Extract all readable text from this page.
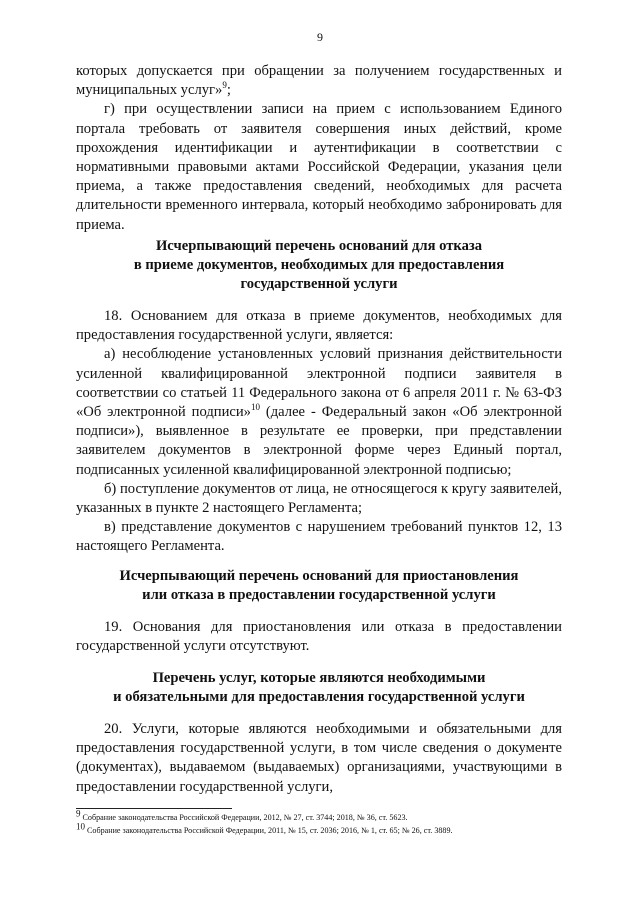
9

которых допускается при обращении за получением государственных и муниципальных услуг»$^9$;

г) при осуществлении записи на прием с использованием Единого портала требовать от заявителя совершения иных действий, кроме прохождения идентификации и аутентификации в соответствии с нормативными правовыми актами Российской Федерации, указания цели приема, а также предоставления сведений, необходимых для расчета длительности временного интервала, который необходимо забронировать для приема.

Исчерпывающий перечень оснований для отказа

в приеме документов, необходимых для предоставления

государственной услуги

18. Основанием для отказа в приеме документов, необходимых для предоставления государственной услуги, является:

а) несоблюдение установленных условий признания действительности усиленной квалифицированной электронной подписи заявителя в соответствии со статьей 11 Федерального закона от 6 апреля 2011 г. № 63-ФЗ «Об электронной подписи»$^{10}$ (далее - Федеральный закон «Об электронной подписи»), выявленное в результате ее проверки, при представлении заявителем документов в электронной форме через Единый портал, подписанных усиленной квалифицированной электронной подписью;

б) поступление документов от лица, не относящегося к кругу заявителей, указанных в пункте 2 настоящего Регламента;

в) представление документов с нарушением требований пунктов 12, 13 настоящего Регламента.

Исчерпывающий перечень оснований для приостановления

или отказа в предоставлении государственной услуги

19. Основания для приостановления или отказа в предоставлении государственной услуги отсутствуют.

Перечень услуг, которые являются необходимыми

и обязательными для предоставления государственной услуги

20. Услуги, которые являются необходимыми и обязательными для предоставления государственной услуги, в том числе сведения о документе (документах), выдаваемом (выдаваемых) организациями, участвующими в предоставлении государственной услуги,

$^9$ Собрание законодательства Российской Федерации, 2012, № 27, ст. 3744; 2018, № 36, ст. 5623.
$^{10}$ Собрание законодательства Российской Федерации, 2011, № 15, ст. 2036; 2016, № 1, ст. 65; № 26, ст. 3889.
